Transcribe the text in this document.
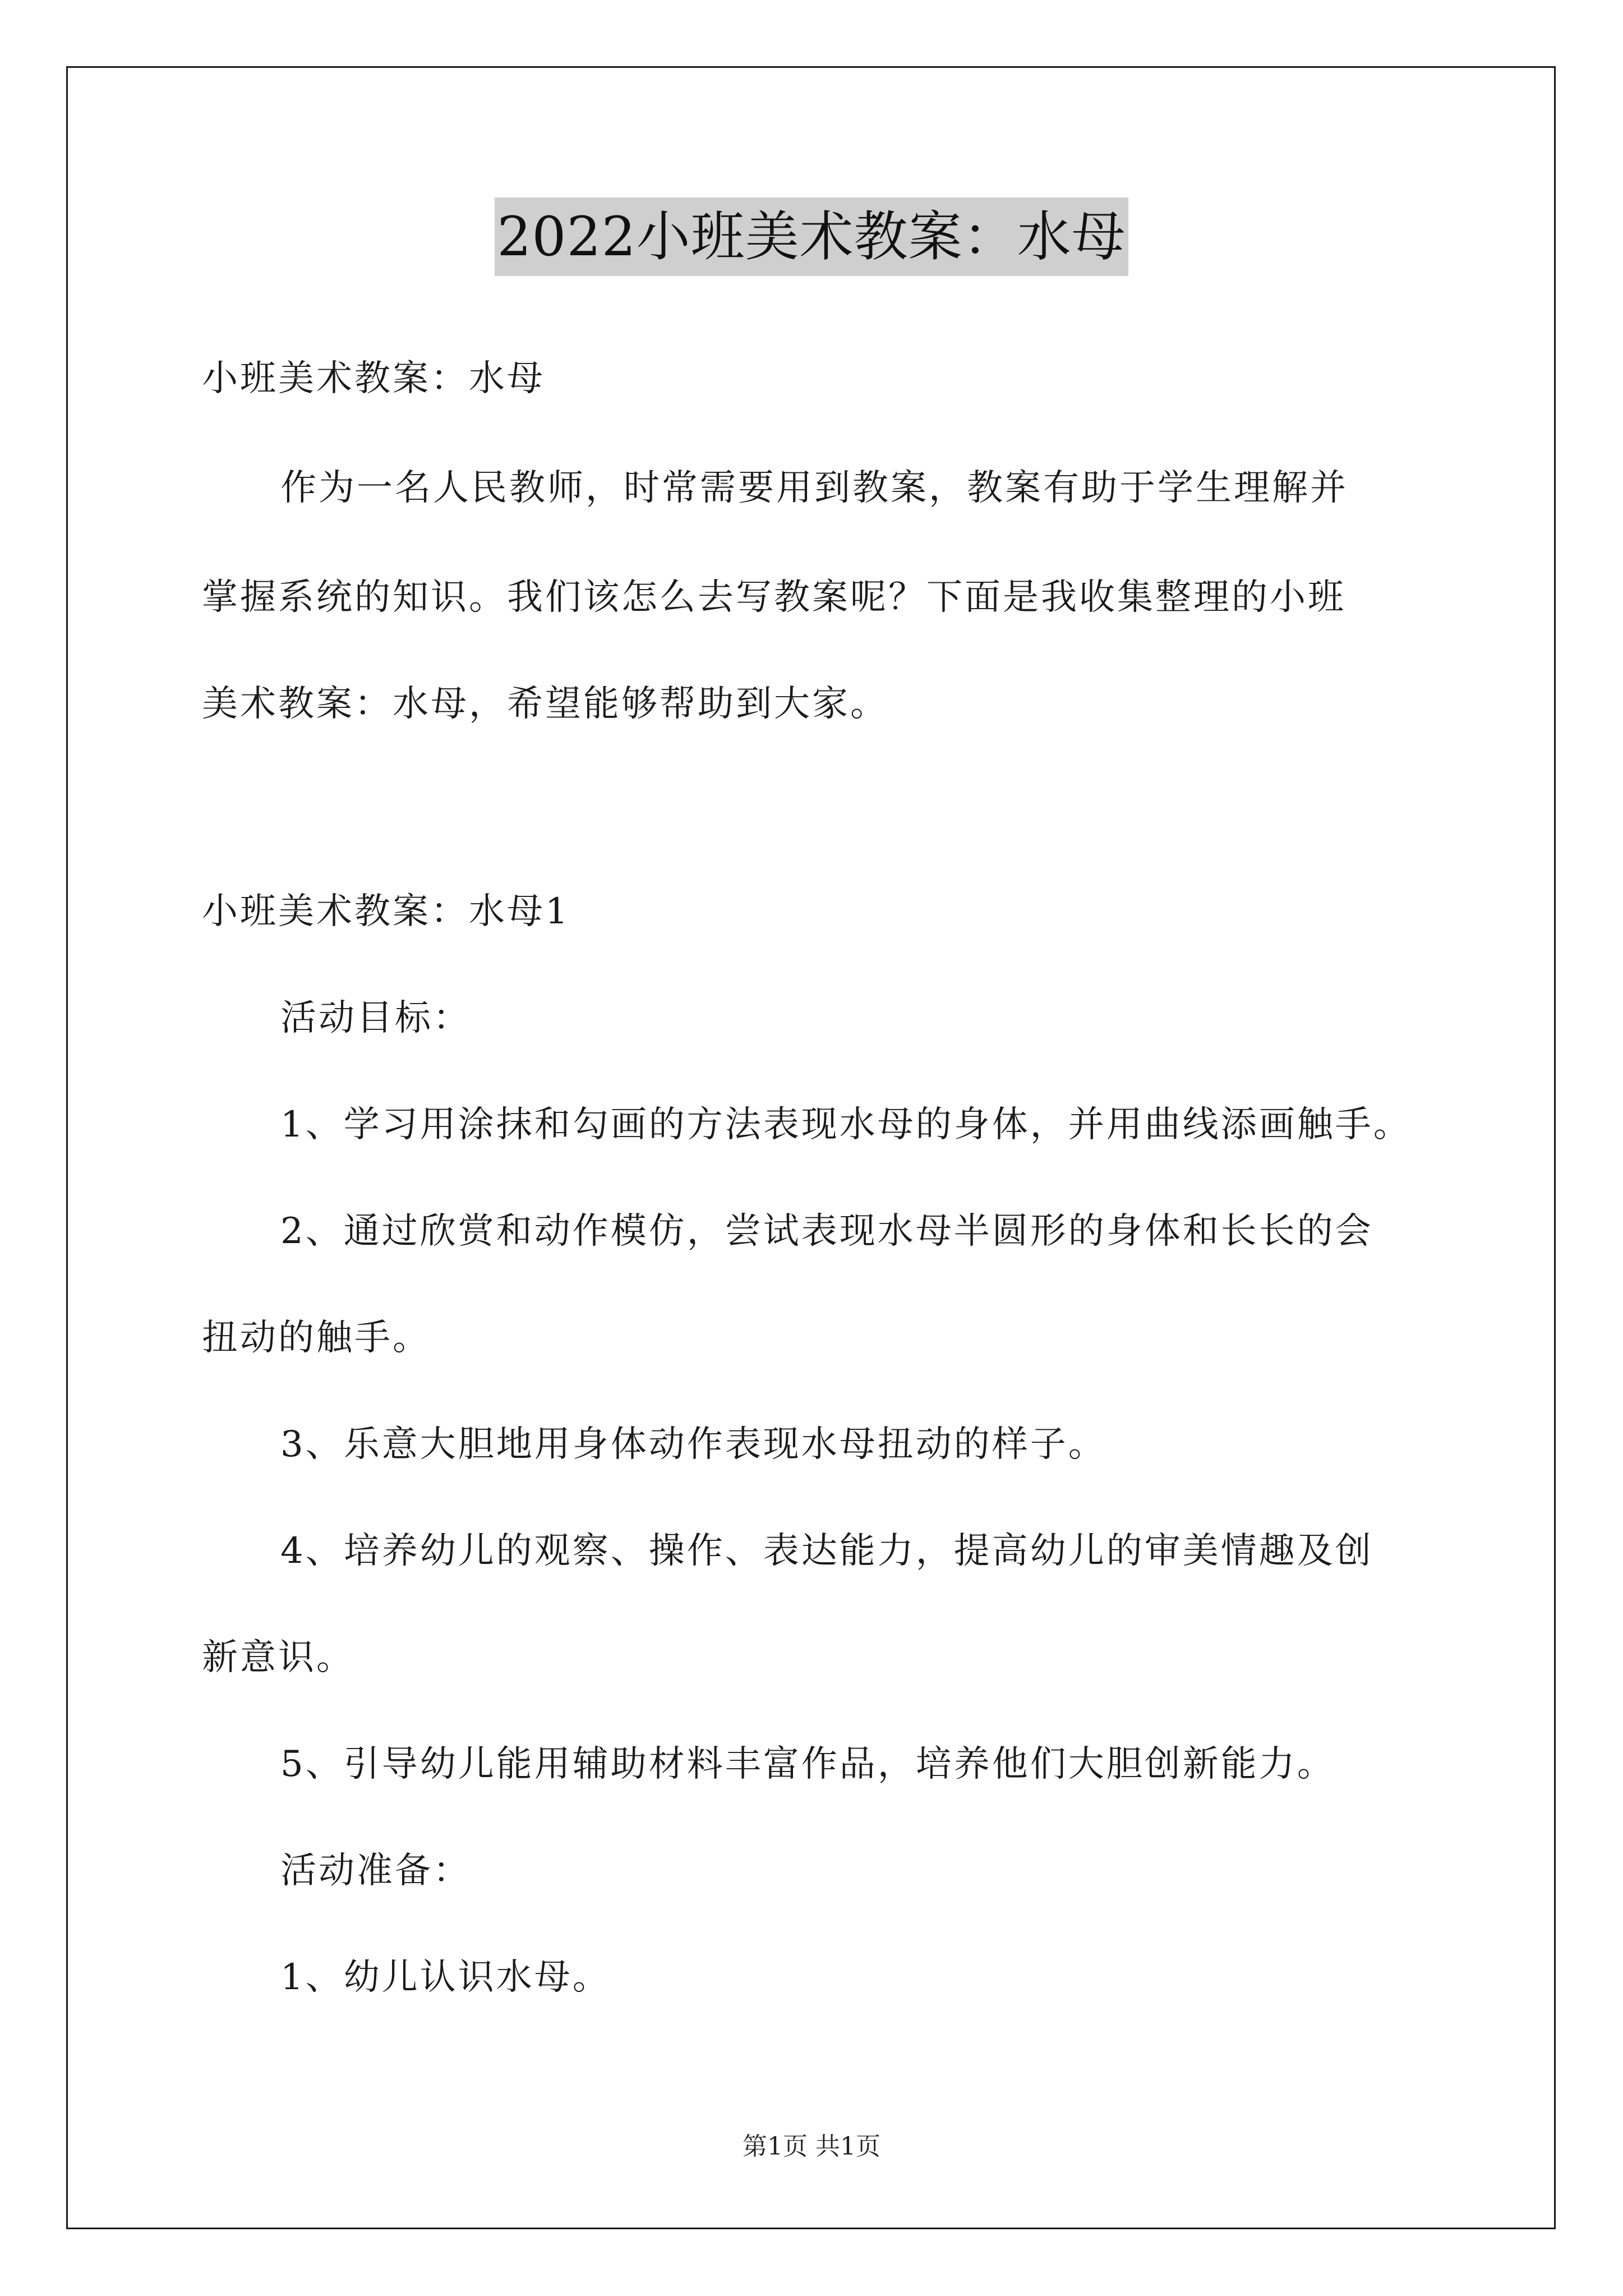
2022小班美术教案：水母
小班美术教案：水母
作为一名人民教师，时常需要用到教案，教案有助于学生理解并
掌握系统的知识。我们该怎么去写教案呢？下面是我收集整理的小班
美术教案：水母，希望能够帮助到大家。
小班美术教案：水母1
活动目标：
1、学习用涂抹和勾画的方法表现水母的身体，并用曲线添画触手。
2、通过欣赏和动作模仿，尝试表现水母半圆形的身体和长长的会
扭动的触手。
3、乐意大胆地用身体动作表现水母扭动的样子。
4、培养幼儿的观察、操作、表达能力，提高幼儿的审美情趣及创
新意识。
5、引导幼儿能用辅助材料丰富作品，培养他们大胆创新能力。
活动准备：
1、幼儿认识水母。
第1页 共1页
